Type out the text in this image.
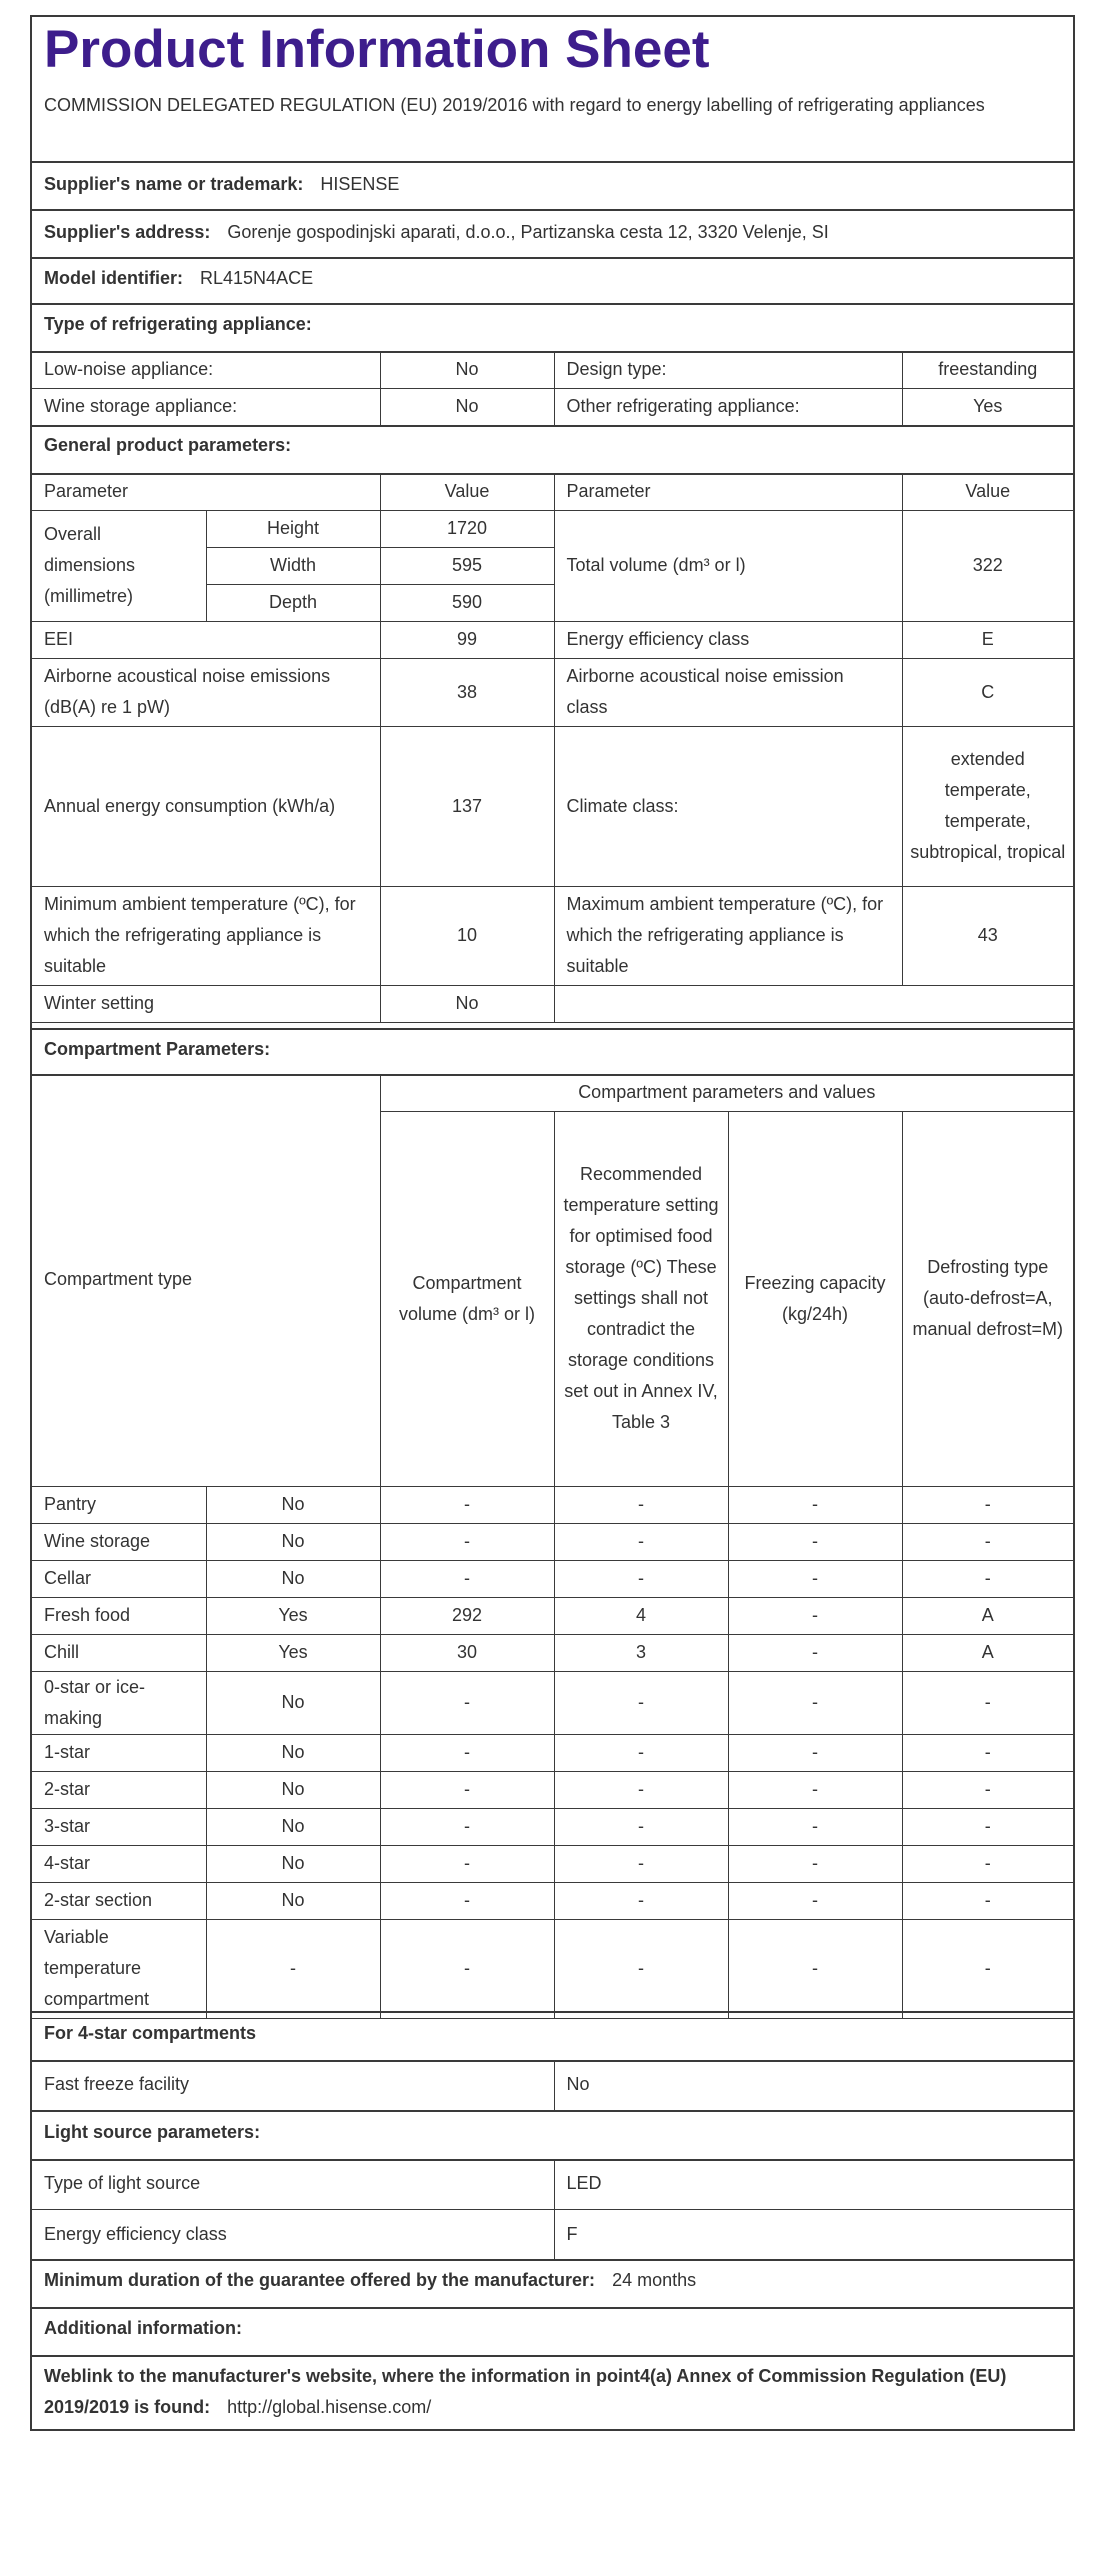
Product Information Sheet
COMMISSION DELEGATED REGULATION (EU) 2019/2016 with regard to energy labelling of refrigerating appliances
Supplier's name or trademark: HISENSE
Supplier's address: Gorenje gospodinjski aparati, d.o.o., Partizanska cesta 12, 3320 Velenje, SI
Model identifier: RL415N4ACE
Type of refrigerating appliance:
Low-noise appliance:	No	Design type:	freestanding
Wine storage appliance:	No	Other refrigerating appliance:	Yes
General product parameters:
Parameter		Value	Parameter	Value
Overall dimensions (millimetre)	Height	1720	Total volume (dm³ or l)	322
	Width	595		
	Depth	590		
EEI		99	Energy efficiency class	E
Airborne acoustical noise emissions (dB(A) re 1 pW)		38	Airborne acoustical noise emission class	C
Annual energy consumption (kWh/a)		137	Climate class:	extended temperate, temperate, subtropical, tropical
Minimum ambient temperature (ºC), for which the refrigerating appliance is suitable		10	Maximum ambient temperature (ºC), for which the refrigerating appliance is suitable	43
Winter setting		No		
Compartment Parameters:
Compartment type		Compartment parameters and values			
		Compartment volume (dm³ or l)	Recommended temperature setting for optimised food storage (ºC) These settings shall not contradict the storage conditions set out in Annex IV, Table 3	Freezing capacity (kg/24h)	Defrosting type (auto-defrost=A, manual defrost=M)
Pantry	No	-	-	-	-
Wine storage	No	-	-	-	-
Cellar	No	-	-	-	-
Fresh food	Yes	292	4	-	A
Chill	Yes	30	3	-	A
0-star or ice-making	No	-	-	-	-
1-star	No	-	-	-	-
2-star	No	-	-	-	-
3-star	No	-	-	-	-
4-star	No	-	-	-	-
2-star section	No	-	-	-	-
Variable temperature compartment	-	-	-	-	-
For 4-star compartments
Fast freeze facility	No
Light source parameters:
Type of light source	LED
Energy efficiency class	F
Minimum duration of the guarantee offered by the manufacturer: 24 months
Additional information:
Weblink to the manufacturer's website, where the information in point4(a) Annex of Commission Regulation (EU) 2019/2019 is found: http://global.hisense.com/
